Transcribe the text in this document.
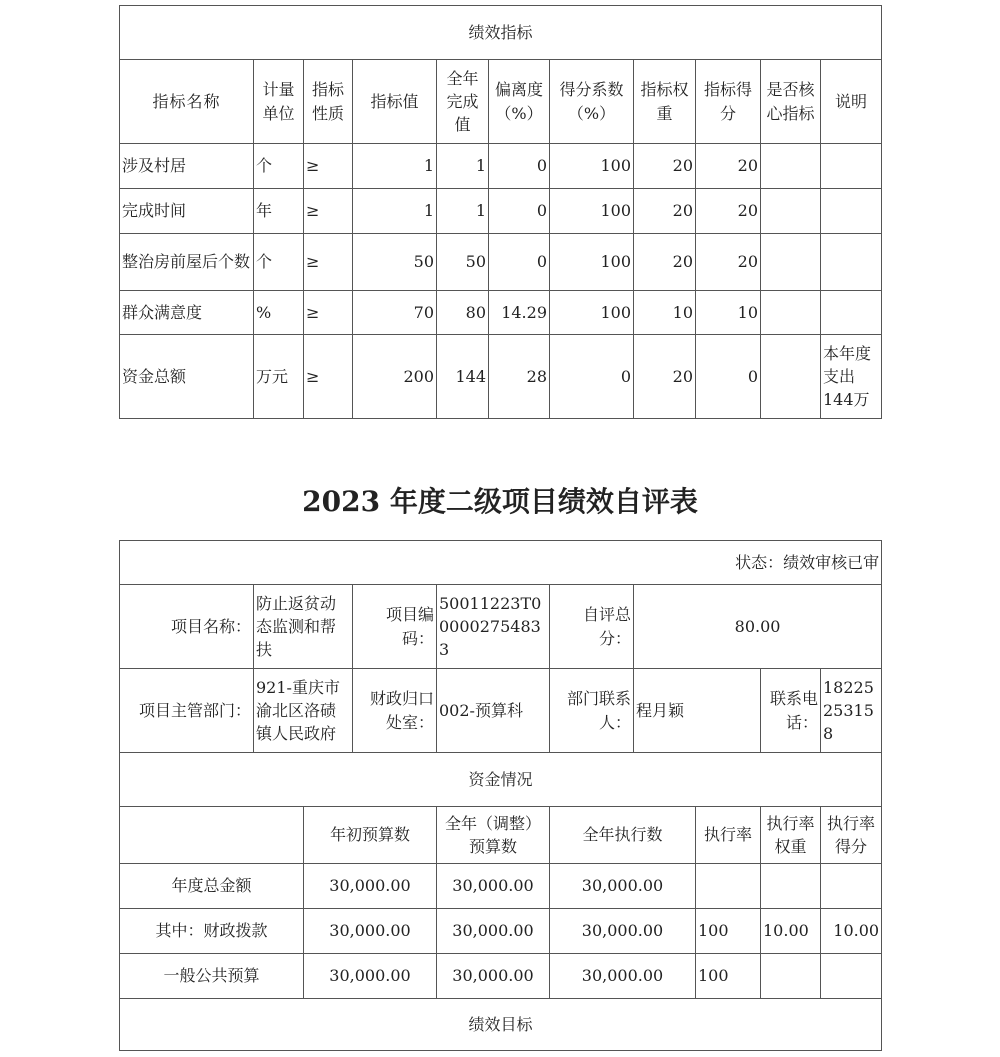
绩效指标										
指标名称	计量单位	指标性质	指标值	全年完成值	偏离度（%）	得分系数（%）	指标权重	指标得分	是否核心指标	说明
涉及村居	个	≥	1	1	0	100	20	20		
完成时间	年	≥	1	1	0	100	20	20		
整治房前屋后个数	个	≥	50	50	0	100	20	20		
群众满意度	%	≥	70	80	14.29	100	10	10		
资金总额	万元	≥	200	144	28	0	20	0		本年度支出144万
2023 年度二级项目绩效自评表
状态：绩效审核已审									
项目名称：	防止返贫动态监测和帮扶		项目编码：	50011223T000002754833	自评总分：	80.00			
项目主管部门：	921-重庆市渝北区洛碛镇人民政府		财政归口处室：	002-预算科	部门联系人：	程月颖		联系电话：	18225253158
资金情况									
		年初预算数		全年（调整）预算数	全年执行数		执行率	执行率权重	执行率得分
年度总金额		30,000.00		30,000.00	30,000.00				
其中：财政拨款		30,000.00		30,000.00	30,000.00		100	10.00	10.00
一般公共预算		30,000.00		30,000.00	30,000.00		100		
绩效目标									
